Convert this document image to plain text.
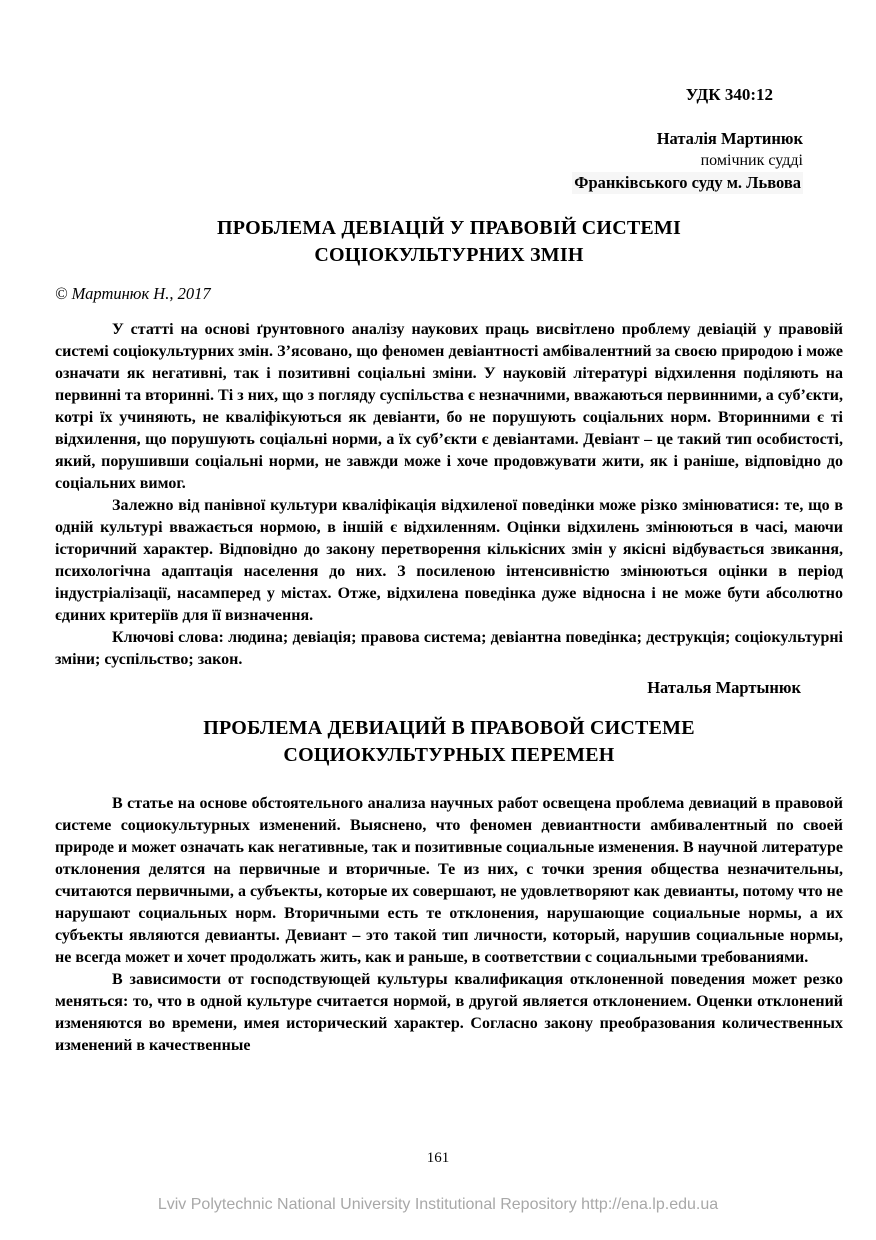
УДК 340:12
Наталія Мартинюк
помічник судді
Франківського суду м. Львова
ПРОБЛЕМА ДЕВІАЦІЙ У ПРАВОВІЙ СИСТЕМІ
СОЦІОКУЛЬТУРНИХ ЗМІН
© Мартинюк Н., 2017

У статті на основі ґрунтовного аналізу наукових праць висвітлено проблему девіацій у правовій системі соціокультурних змін. З’ясовано, що феномен девіантності амбівалентний за своєю природою і може означати як негативні, так і позитивні соціальні зміни. У науковій літературі відхилення поділяють на первинні та вторинні. Ті з них, що з погляду суспільства є незначними, вважаються первинними, а суб’єкти, котрі їх учиняють, не кваліфікуються як девіанти, бо не порушують соціальних норм. Вторинними є ті відхилення, що порушують соціальні норми, а їх суб’єкти є девіантами. Девіант – це такий тип особистості, який, порушивши соціальні норми, не завжди може і хоче продовжувати жити, як і раніше, відповідно до соціальних вимог.

Залежно від панівної культури кваліфікація відхиленої поведінки може різко змінюватися: те, що в одній культурі вважається нормою, в іншій є відхиленням. Оцінки відхилень змінюються в часі, маючи історичний характер. Відповідно до закону перетворення кількісних змін у якісні відбувається звикання, психологічна адаптація населення до них. З посиленою інтенсивністю змінюються оцінки в період індустріалізації, насамперед у містах. Отже, відхилена поведінка дуже відносна і не може бути абсолютно єдиних критеріїв для її визначення.

Ключові слова: людина; девіація; правова система; девіантна поведінка; деструкція; соціокультурні зміни; суспільство; закон.

Наталья Мартынюк
ПРОБЛЕМА ДЕВИАЦИЙ В ПРАВОВОЙ СИСТЕМЕ
СОЦИОКУЛЬТУРНЫХ ПЕРЕМЕН

В статье на основе обстоятельного анализа научных работ освещена проблема девиаций в правовой системе социокультурных изменений. Выяснено, что феномен девиантности амбивалентный по своей природе и может означать как негативные, так и позитивные социальные изменения. В научной литературе отклонения делятся на первичные и вторичные. Те из них, с точки зрения общества незначительны, считаются первичными, а субъекты, которые их совершают, не удовлетворяют как девианты, потому что не нарушают социальных норм. Вторичными есть те отклонения, нарушающие социальные нормы, а их субъекты являются девианты. Девиант – это такой тип личности, который, нарушив социальные нормы, не всегда может и хочет продолжать жить, как и раньше, в соответствии с социальными требованиями.

В зависимости от господствующей культуры квалификация отклоненной поведения может резко меняться: то, что в одной культуре считается нормой, в другой является отклонением. Оценки отклонений изменяются во времени, имея исторический характер. Согласно закону преобразования количественных изменений в качественные

161
Lviv Polytechnic National University Institutional Repository http://ena.lp.edu.ua
